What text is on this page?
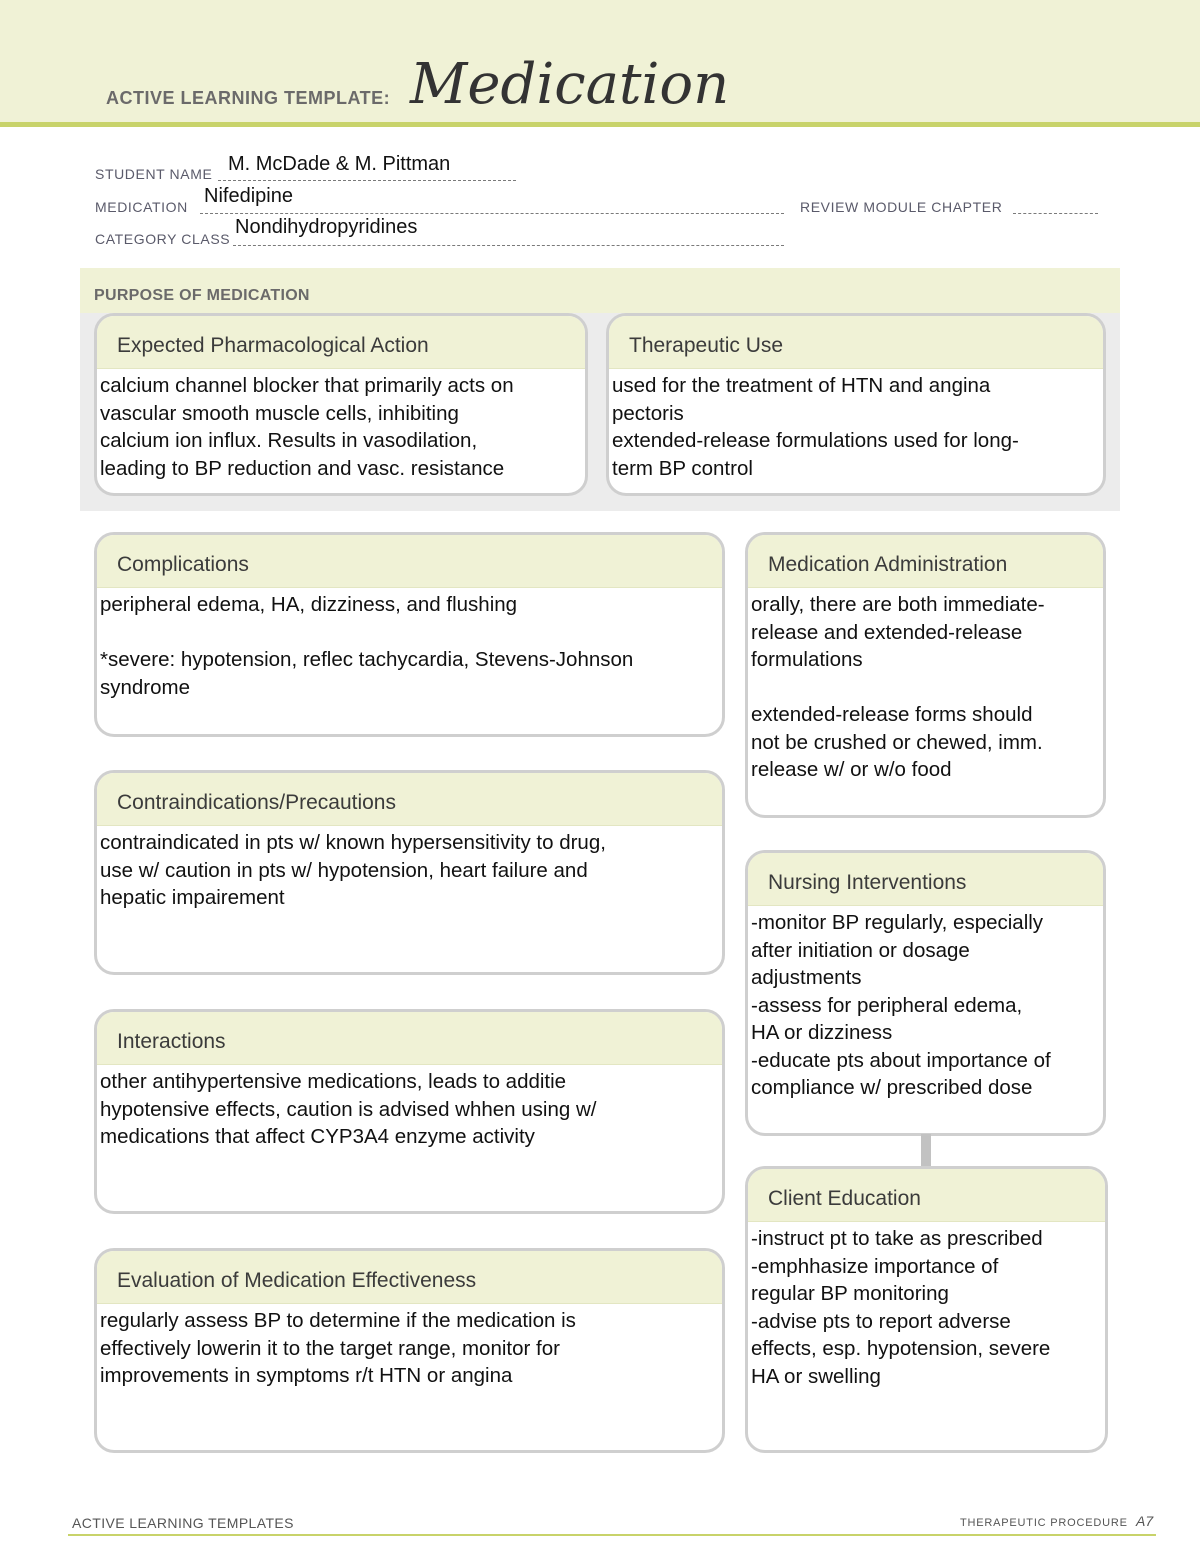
ACTIVE LEARNING TEMPLATE: Medication
STUDENT NAME M. McDade & M. Pittman
MEDICATION Nifedipine	REVIEW MODULE CHAPTER
CATEGORY CLASS
Nondihydropyridines
PURPOSE OF MEDICATION
Expected Pharmacological Action
calcium channel blocker that primarily acts on
vascular smooth muscle cells, inhibiting
calcium ion influx. Results in vasodilation,
leading to BP reduction and vasc. resistance
Therapeutic Use
used for the treatment of HTN and angina
pectoris
extended-release formulations used for long-
term BP control
Complications
peripheral edema, HA, dizziness, and flushing

*severe: hypotension, reflec tachycardia, Stevens-Johnson
syndrome
Contraindications/Precautions
contraindicated in pts w/ known hypersensitivity to drug,
use w/ caution in pts w/ hypotension, heart failure and
hepatic impairement
Interactions
other antihypertensive medications, leads to additie
hypotensive effects, caution is advised whhen using w/
medications that affect CYP3A4 enzyme activity
Evaluation of Medication Effectiveness
regularly assess BP to determine if the medication is
effectively lowerin it to the target range, monitor for
improvements in symptoms r/t HTN or angina
Medication Administration
orally, there are both immediate-
release and extended-release
formulations

extended-release forms should
not be crushed or chewed, imm.
release w/ or w/o food
Nursing Interventions
-monitor BP regularly, especially
after initiation or dosage
adjustments
-assess for peripheral edema,
HA or dizziness
-educate pts about importance of
compliance w/ prescribed dose
Client Education
-instruct pt to take as prescribed
-emphhasize importance of
regular BP monitoring
-advise pts to report adverse
effects, esp. hypotension, severe
HA or swelling
ACTIVE LEARNING TEMPLATES	THERAPEUTIC PROCEDURE A7
